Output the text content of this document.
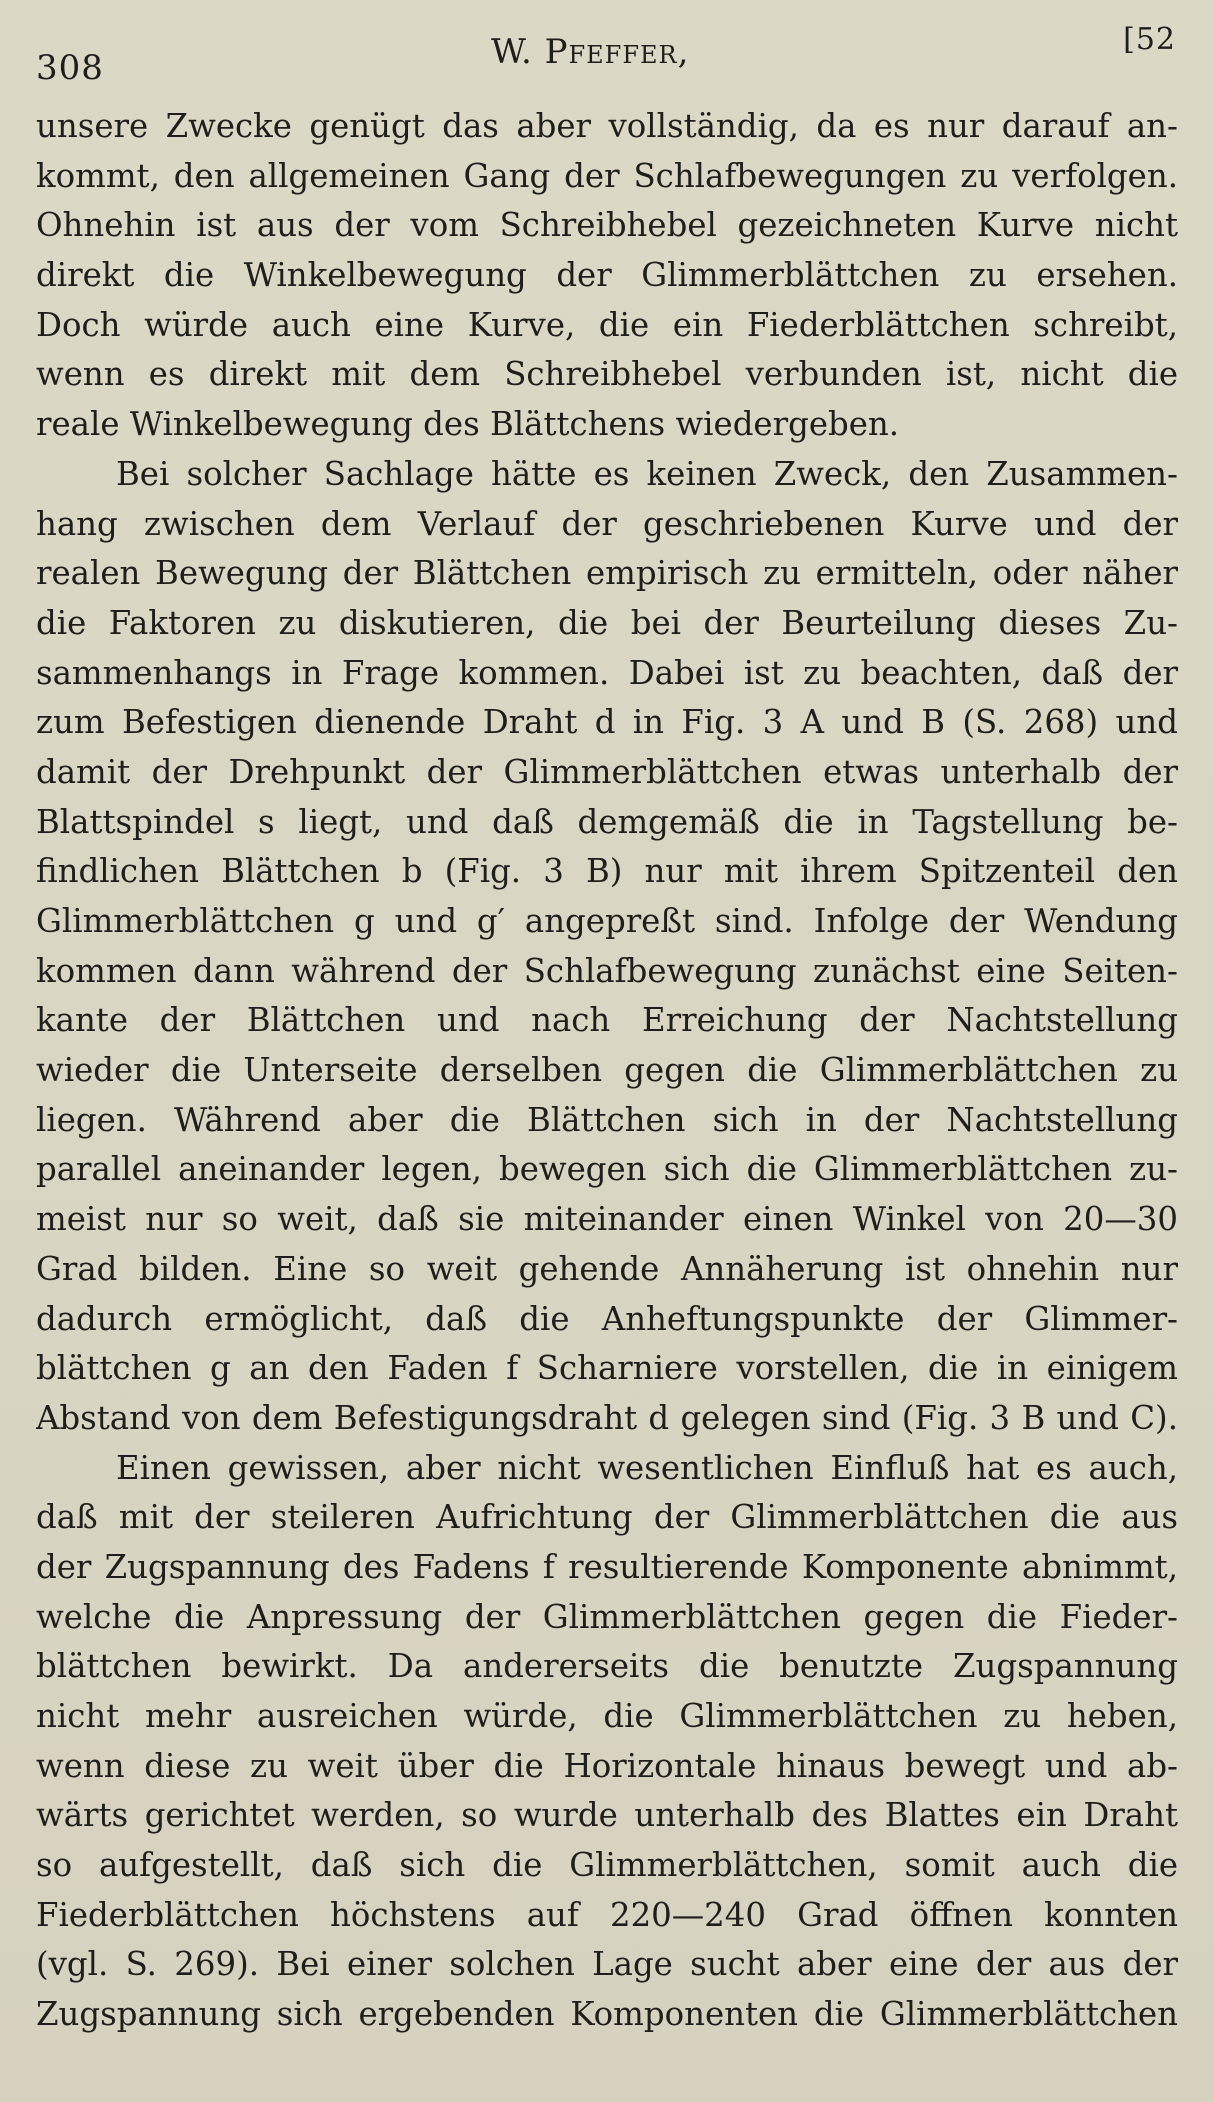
308	W. Pfeffer,	[52

unsere Zwecke genügt das aber vollständig, da es nur darauf an-
kommt, den allgemeinen Gang der Schlafbewegungen zu verfolgen.
Ohnehin ist aus der vom Schreibhebel gezeichneten Kurve nicht
direkt die Winkelbewegung der Glimmerblättchen zu ersehen.
Doch würde auch eine Kurve, die ein Fiederblättchen schreibt,
wenn es direkt mit dem Schreibhebel verbunden ist, nicht die
reale Winkelbewegung des Blättchens wiedergeben.

Bei solcher Sachlage hätte es keinen Zweck, den Zusammen-
hang zwischen dem Verlauf der geschriebenen Kurve und der
realen Bewegung der Blättchen empirisch zu ermitteln, oder näher
die Faktoren zu diskutieren, die bei der Beurteilung dieses Zu-
sammenhangs in Frage kommen. Dabei ist zu beachten, daß der
zum Befestigen dienende Draht d in Fig. 3 A und B (S. 268) und
damit der Drehpunkt der Glimmerblättchen etwas unterhalb der
Blattspindel s liegt, und daß demgemäß die in Tagstellung be-
findlichen Blättchen b (Fig. 3 B) nur mit ihrem Spitzenteil den
Glimmerblättchen g und g′ angepreßt sind. Infolge der Wendung
kommen dann während der Schlafbewegung zunächst eine Seiten-
kante der Blättchen und nach Erreichung der Nachtstellung
wieder die Unterseite derselben gegen die Glimmerblättchen zu
liegen. Während aber die Blättchen sich in der Nachtstellung
parallel aneinander legen, bewegen sich die Glimmerblättchen zu-
meist nur so weit, daß sie miteinander einen Winkel von 20—30
Grad bilden. Eine so weit gehende Annäherung ist ohnehin nur
dadurch ermöglicht, daß die Anheftungspunkte der Glimmer-
blättchen g an den Faden f Scharniere vorstellen, die in einigem
Abstand von dem Befestigungsdraht d gelegen sind (Fig. 3 B und C).

Einen gewissen, aber nicht wesentlichen Einfluß hat es auch,
daß mit der steileren Aufrichtung der Glimmerblättchen die aus
der Zugspannung des Fadens f resultierende Komponente abnimmt,
welche die Anpressung der Glimmerblättchen gegen die Fieder-
blättchen bewirkt. Da andererseits die benutzte Zugspannung
nicht mehr ausreichen würde, die Glimmerblättchen zu heben,
wenn diese zu weit über die Horizontale hinaus bewegt und ab-
wärts gerichtet werden, so wurde unterhalb des Blattes ein Draht
so aufgestellt, daß sich die Glimmerblättchen, somit auch die
Fiederblättchen höchstens auf 220—240 Grad öffnen konnten
(vgl. S. 269). Bei einer solchen Lage sucht aber eine der aus der
Zugspannung sich ergebenden Komponenten die Glimmerblättchen
